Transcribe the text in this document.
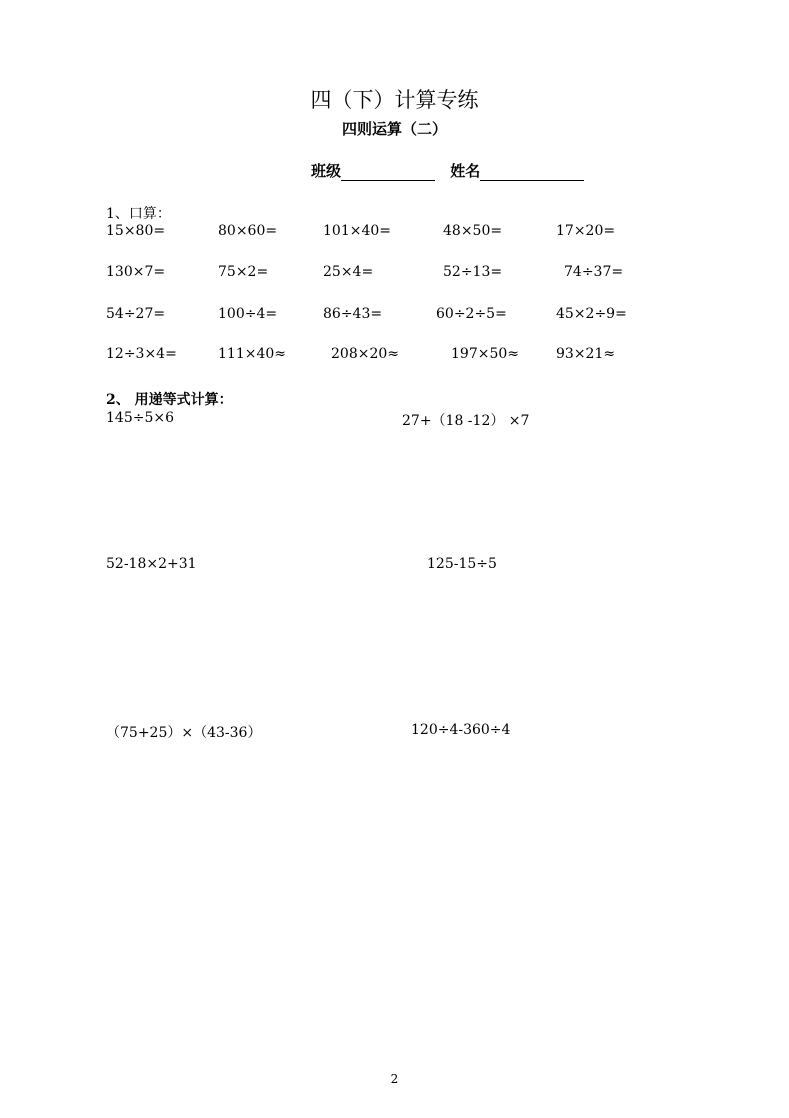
四（下）计算专练
四则运算（二）
班级	姓名
1、口算：
15×80=	80×60=	101×40=	48×50=	17×20=
130×7=	75×2=	25×4=	52÷13=	74÷37=
54÷27=	100÷4=	86÷43=	60÷2÷5=	45×2÷9=
12÷3×4=	111×40≈	208×20≈	197×50≈	93×21≈
2、 用递等式计算：
145÷5×6	27+（18 -12） ×7
52-18×2+31	125-15÷5
（75+25）×（43-36）	120÷4-360÷4
2
